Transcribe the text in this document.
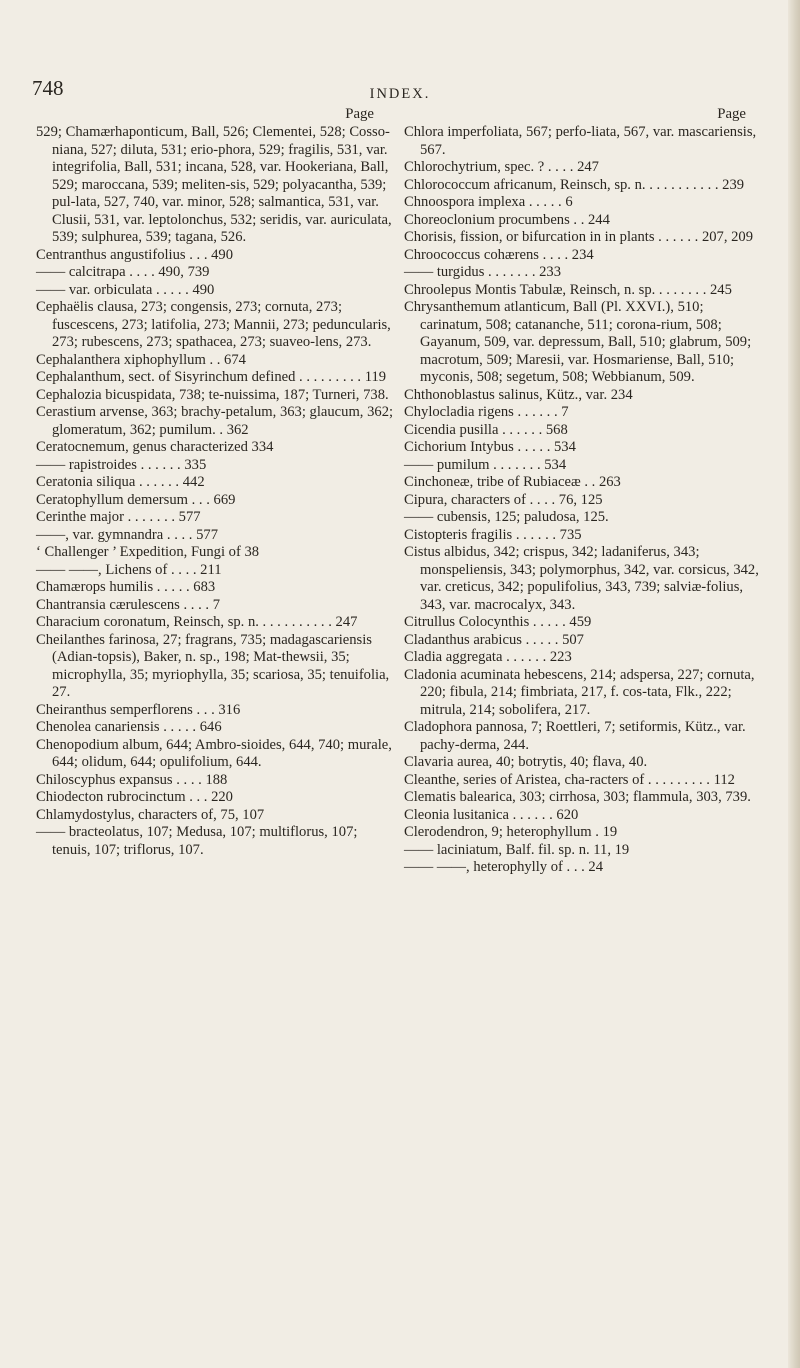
748	INDEX.
Page

529; Chamærhaponticum, Ball, 526; Clementei, 528; Cosso-niana, 527; diluta, 531; erio-phora, 529; fragilis, 531, var. integrifolia, Ball, 531; incana, 528, var. Hookeriana, Ball, 529; maroccana, 539; meliten-sis, 529; polyacantha, 539; pul-lata, 527, 740, var. minor, 528; salmantica, 531, var. Clusii, 531, var. leptolonchus, 532; seridis, var. auriculata, 539; sulphurea, 539; tagana, 526.

Centranthus angustifolius . . . 490

—— calcitrapa . . . . 490, 739

—— var. orbiculata . . . . . 490

Cephaëlis clausa, 273; congensis, 273; cornuta, 273; fuscescens, 273; latifolia, 273; Mannii, 273; peduncularis, 273; rubescens, 273; spathacea, 273; suaveo-lens, 273.

Cephalanthera xiphophyllum . . 674

Cephalanthum, sect. of Sisyrinchum defined . . . . . . . . . 119

Cephalozia bicuspidata, 738; te-nuissima, 187; Turneri, 738.

Cerastium arvense, 363; brachy-petalum, 363; glaucum, 362; glomeratum, 362; pumilum. . 362

Ceratocnemum, genus characterized 334

—— rapistroides . . . . . . 335

Ceratonia siliqua . . . . . . 442

Ceratophyllum demersum . . . 669

Cerinthe major . . . . . . . 577

——, var. gymnandra . . . . 577

‘ Challenger ’ Expedition, Fungi of 38

—— ——, Lichens of . . . . 211

Chamærops humilis . . . . . 683

Chantransia cærulescens . . . . 7

Characium coronatum, Reinsch, sp. n. . . . . . . . . . . 247

Cheilanthes farinosa, 27; fragrans, 735; madagascariensis (Adian-topsis), Baker, n. sp., 198; Mat-thewsii, 35; microphylla, 35; myriophylla, 35; scariosa, 35; tenuifolia, 27.

Cheiranthus semperflorens . . . 316

Chenolea canariensis . . . . . 646

Chenopodium album, 644; Ambro-sioides, 644, 740; murale, 644; olidum, 644; opulifolium, 644.

Chiloscyphus expansus . . . . 188

Chiodecton rubrocinctum . . . 220

Chlamydostylus, characters of, 75, 107

—— bracteolatus, 107; Medusa, 107; multiflorus, 107; tenuis, 107; triflorus, 107.

Page

Chlora imperfoliata, 567; perfo-liata, 567, var. mascariensis, 567.

Chlorochytrium, spec. ? . . . . 247

Chlorococcum africanum, Reinsch, sp. n. . . . . . . . . . . 239

Chnoospora implexa . . . . . 6

Choreoclonium procumbens . . 244

Chorisis, fission, or bifurcation in in plants . . . . . . 207, 209

Chroococcus cohærens . . . . 234

—— turgidus . . . . . . . 233

Chroolepus Montis Tabulæ, Reinsch, n. sp. . . . . . . . 245

Chrysanthemum atlanticum, Ball (Pl. XXVI.), 510; carinatum, 508; catananche, 511; corona-rium, 508; Gayanum, 509, var. depressum, Ball, 510; glabrum, 509; macrotum, 509; Maresii, var. Hosmariense, Ball, 510; myconis, 508; segetum, 508; Webbianum, 509.

Chthonoblastus salinus, Kütz., var. 234

Chylocladia rigens . . . . . . 7

Cicendia pusilla . . . . . . 568

Cichorium Intybus . . . . . 534

—— pumilum . . . . . . . 534

Cinchoneæ, tribe of Rubiaceæ . . 263

Cipura, characters of . . . . 76, 125

—— cubensis, 125; paludosa, 125.

Cistopteris fragilis . . . . . . 735

Cistus albidus, 342; crispus, 342; ladaniferus, 343; monspeliensis, 343; polymorphus, 342, var. corsicus, 342, var. creticus, 342; populifolius, 343, 739; salviæ-folius, 343, var. macrocalyx, 343.

Citrullus Colocynthis . . . . . 459

Cladanthus arabicus . . . . . 507

Cladia aggregata . . . . . . 223

Cladonia acuminata hebescens, 214; adspersa, 227; cornuta, 220; fibula, 214; fimbriata, 217, f. cos-tata, Flk., 222; mitrula, 214; sobolifera, 217.

Cladophora pannosa, 7; Roettleri, 7; setiformis, Kütz., var. pachy-derma, 244.

Clavaria aurea, 40; botrytis, 40; flava, 40.

Cleanthe, series of Aristea, cha-racters of . . . . . . . . . 112

Clematis balearica, 303; cirrhosa, 303; flammula, 303, 739.

Cleonia lusitanica . . . . . . 620

Clerodendron, 9; heterophyllum . 19

—— laciniatum, Balf. fil. sp. n. 11, 19

—— ——, heterophylly of . . . 24
